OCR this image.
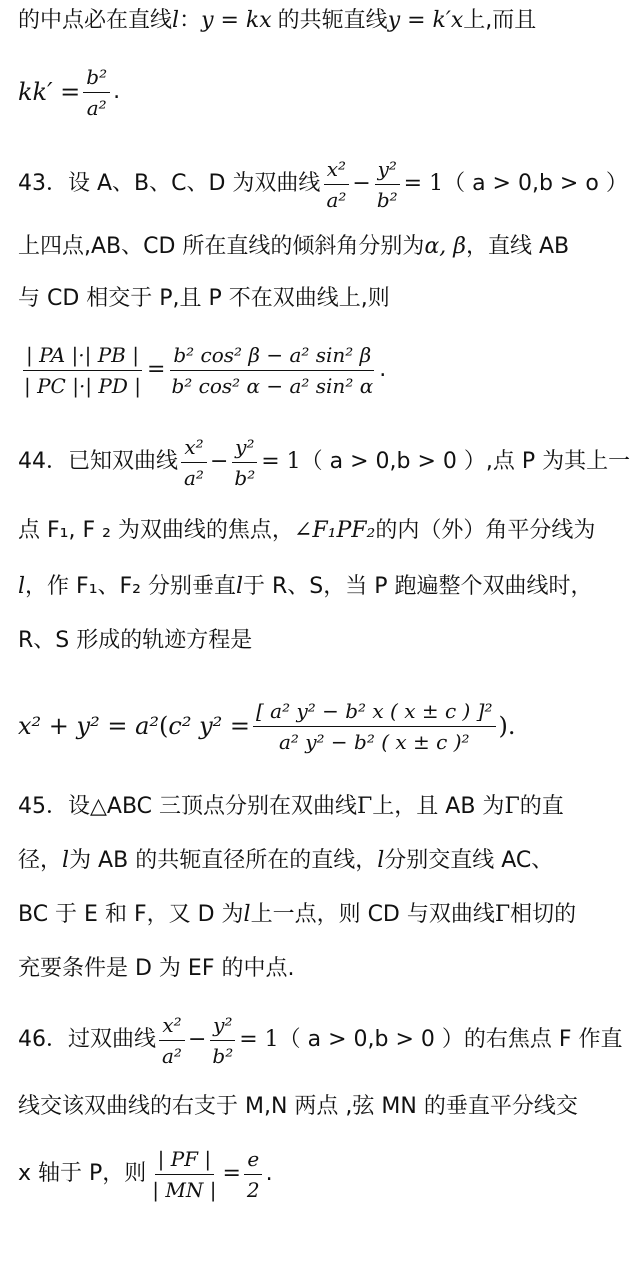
的中点必在直线 l ： y = kx 的共轭直线 y = k′x 上,而且
$kk' = \frac{\text{b²}}{\text{a²}}$ .
43．设 A、B、C、D 为双曲线 $\frac{\text{x²}}{\text{a²}} - \frac{\text{y²}}{\text{b²}} = 1$ （ a > 0,b > o ）
上四点,AB、CD 所在直线的倾斜角分别为 α, β ，直线 AB
与 CD 相交于 P,且 P 不在双曲线上,则
$\frac{| PA |\cdot| PB |}{| PC |\cdot| PD |} = \frac{\text{b² cos² β − a² sin² β}}{\text{b² cos² α − a² sin² α}}$ .
44．已知双曲线 $\frac{\text{x²}}{\text{a²}} - \frac{\text{y²}}{\text{b²}} = 1$ （ a > 0,b > 0 ）,点 P 为其上一
点 F₁, F ₂ 为双曲线的焦点， ∠F₁PF₂ 的内（外）角平分线为
l ，作 F₁、F₂ 分别垂直 l 于 R、S，当 P 跑遍整个双曲线时，
R、S 形成的轨迹方程是
x² + y² = a² ( c² $y^2 = \frac{\text{[ a² y² − b² x ( x ± c ) ]²}}{\text{a² y² − b² ( x ± c )²}}$ ).
45．设△ABC 三顶点分别在双曲线 Γ 上，且 AB 为 Γ 的直
径， l 为 AB 的共轭直径所在的直线， l 分别交直线 AC、
BC 于 E 和 F，又 D 为 l 上一点，则 CD 与双曲线 Γ 相切的
充要条件是 D 为 EF 的中点.
46．过双曲线 $\frac{\text{x²}}{\text{a²}} - \frac{\text{y²}}{\text{b²}} = 1$ （ a > 0,b > 0 ）的右焦点 F 作直
线交该双曲线的右支于 M,N 两点 ,弦 MN 的垂直平分线交
x 轴于 P，则 $\frac{| PF |}{| MN |} = \frac{e}{2}$ .
